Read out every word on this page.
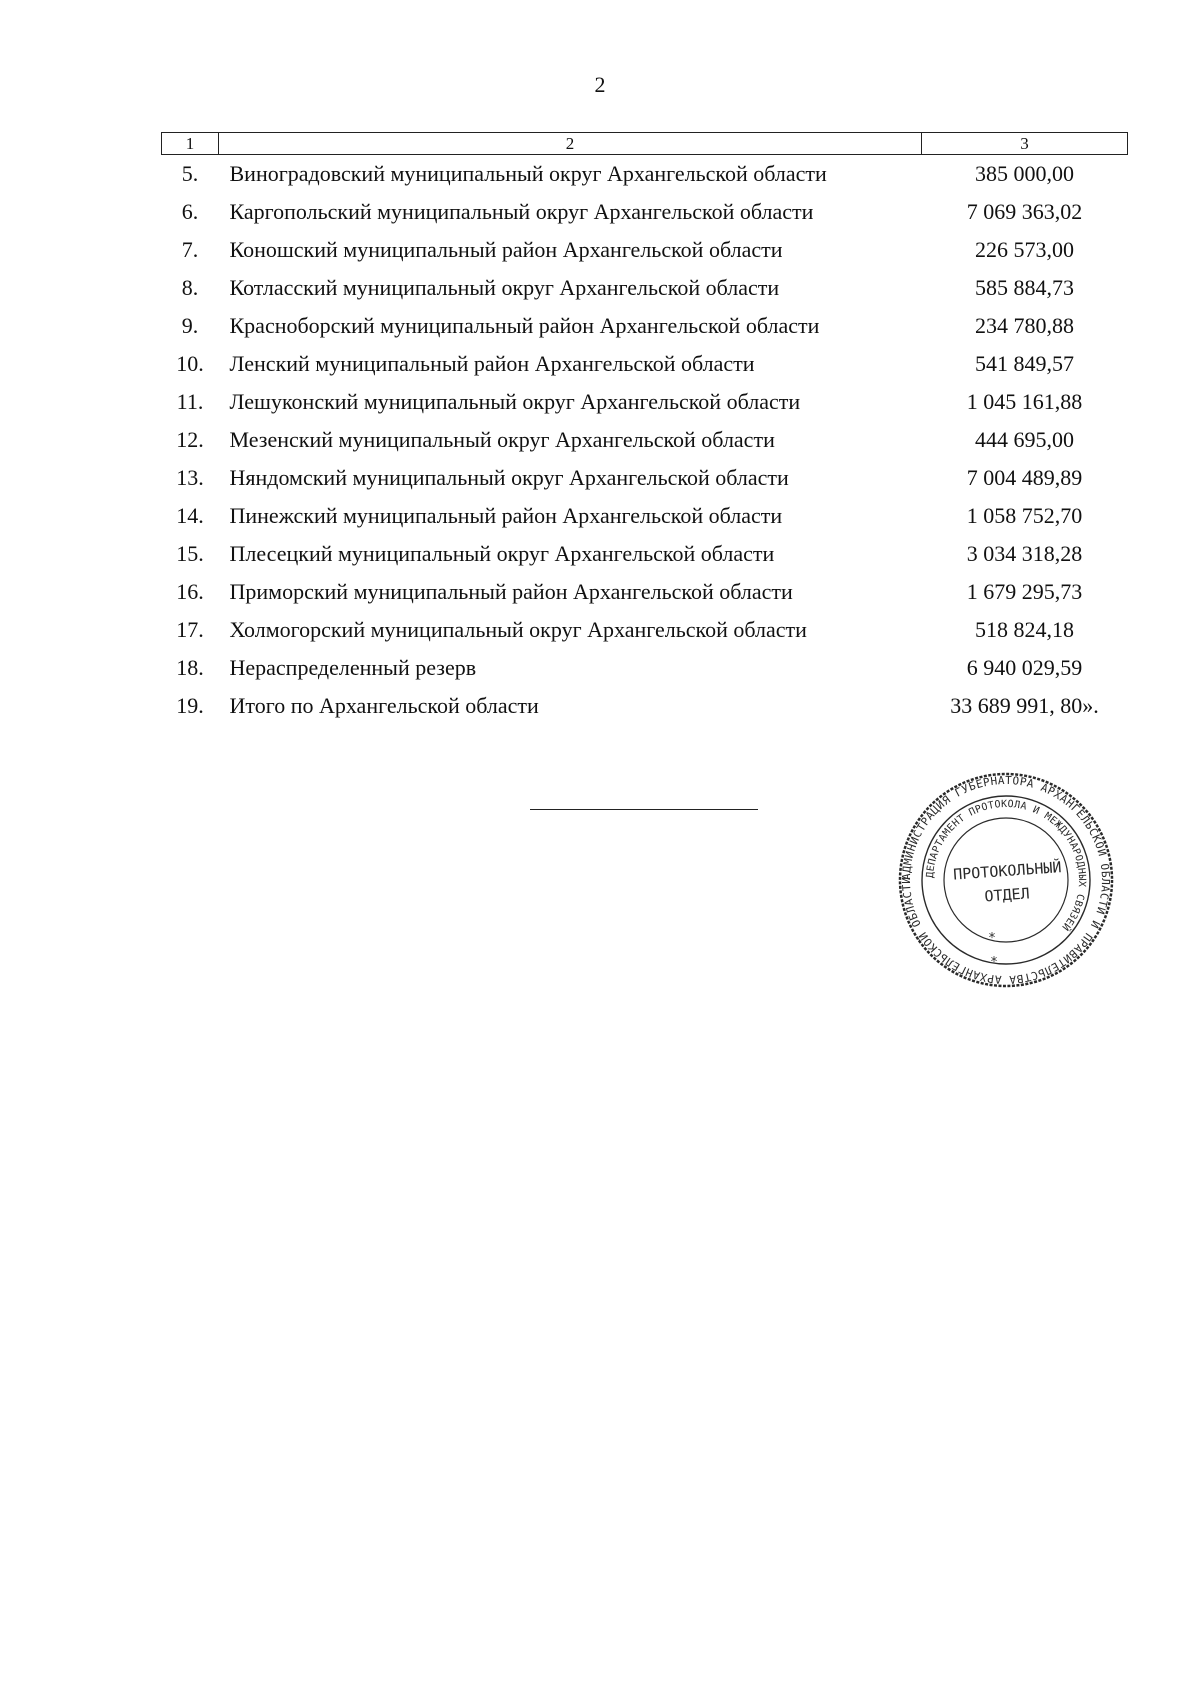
2
1	2	3
5.	Виноградовский муниципальный округ Архангельской области	385 000,00
6.	Каргопольский муниципальный округ Архангельской области	7 069 363,02
7.	Коношский муниципальный район Архангельской области	226 573,00
8.	Котласский муниципальный округ Архангельской области	585 884,73
9.	Красноборский муниципальный район Архангельской области	234 780,88
10.	Ленский муниципальный район Архангельской области	541 849,57
11.	Лешуконский муниципальный округ Архангельской области	1 045 161,88
12.	Мезенский муниципальный округ Архангельской области	444 695,00
13.	Няндомский муниципальный округ Архангельской области	7 004 489,89
14.	Пинежский муниципальный район Архангельской области	1 058 752,70
15.	Плесецкий муниципальный округ Архангельской области	3 034 318,28
16.	Приморский муниципальный район Архангельской области	1 679 295,73
17.	Холмогорский муниципальный округ Архангельской области	518 824,18
18.	Нераспределенный резерв	6 940 029,59
19.	Итого по Архангельской области	33 689 991, 80».
АДМИНИСТРАЦИЯ ГУБЕРНАТОРА АРХАНГЕЛЬСКОЙ ОБЛАСТИ И ПРАВИТЕЛЬСТВА АРХАНГЕЛЬСКОЙ ОБЛАСТИ
ДЕПАРТАМЕНТ ПРОТОКОЛА И МЕЖДУНАРОДНЫХ СВЯЗЕЙ
ПРОТОКОЛЬНЫЙ
ОТДЕЛ
*
*
